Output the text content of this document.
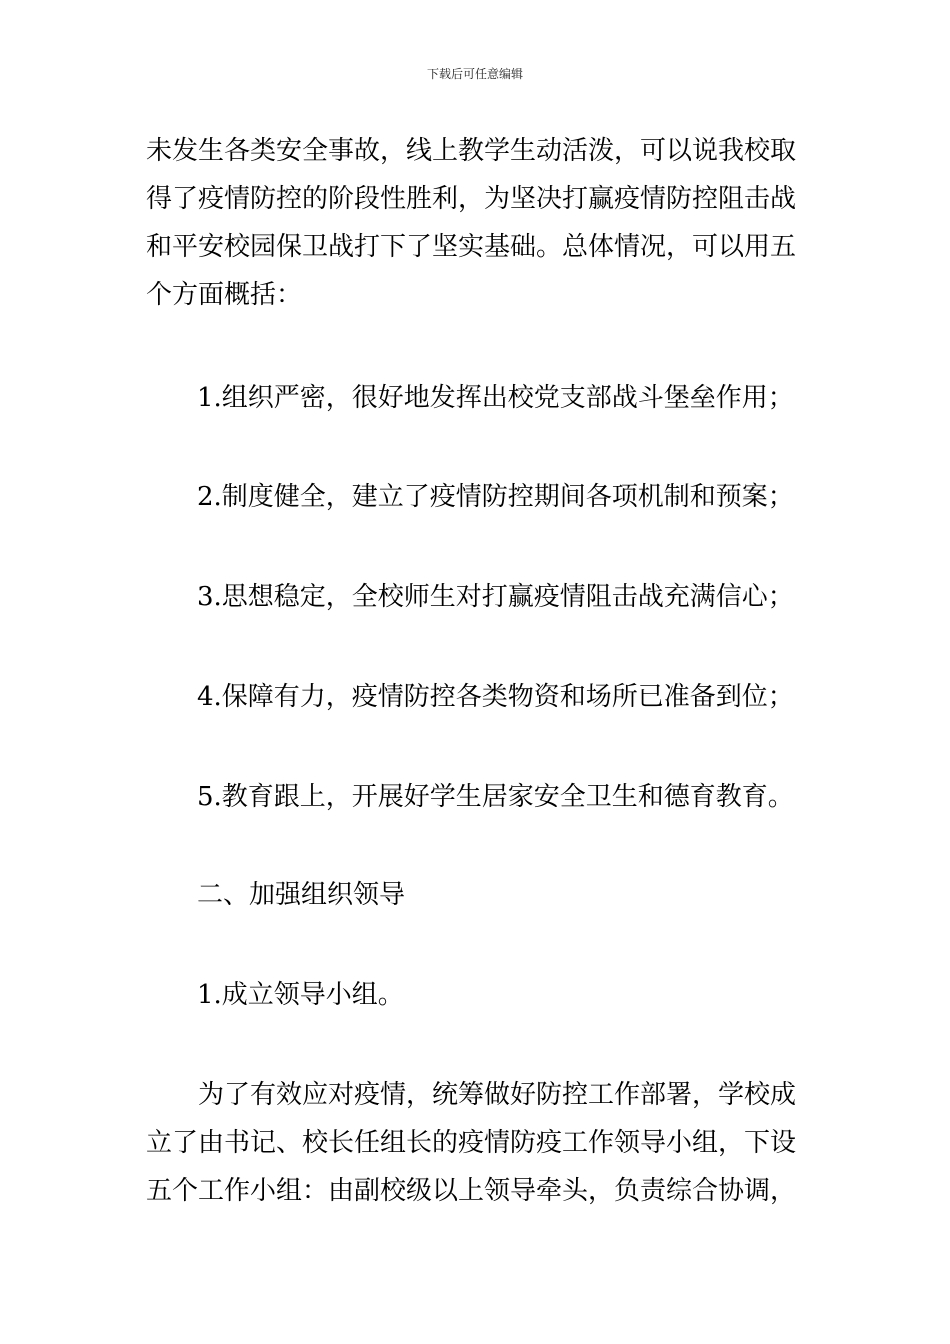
下载后可任意编辑
未发生各类安全事故，线上教学生动活泼，可以说我校取
得了疫情防控的阶段性胜利，为坚决打赢疫情防控阻击战
和平安校园保卫战打下了坚实基础。总体情况，可以用五
个方面概括：
1.组织严密，很好地发挥出校党支部战斗堡垒作用；
2.制度健全，建立了疫情防控期间各项机制和预案；
3.思想稳定，全校师生对打赢疫情阻击战充满信心；
4.保障有力，疫情防控各类物资和场所已准备到位；
5.教育跟上，开展好学生居家安全卫生和德育教育。
二、加强组织领导
1.成立领导小组。
　　为了有效应对疫情，统筹做好防控工作部署，学校成
立了由书记、校长任组长的疫情防疫工作领导小组，下设
五个工作小组：由副校级以上领导牵头，负责综合协调，
